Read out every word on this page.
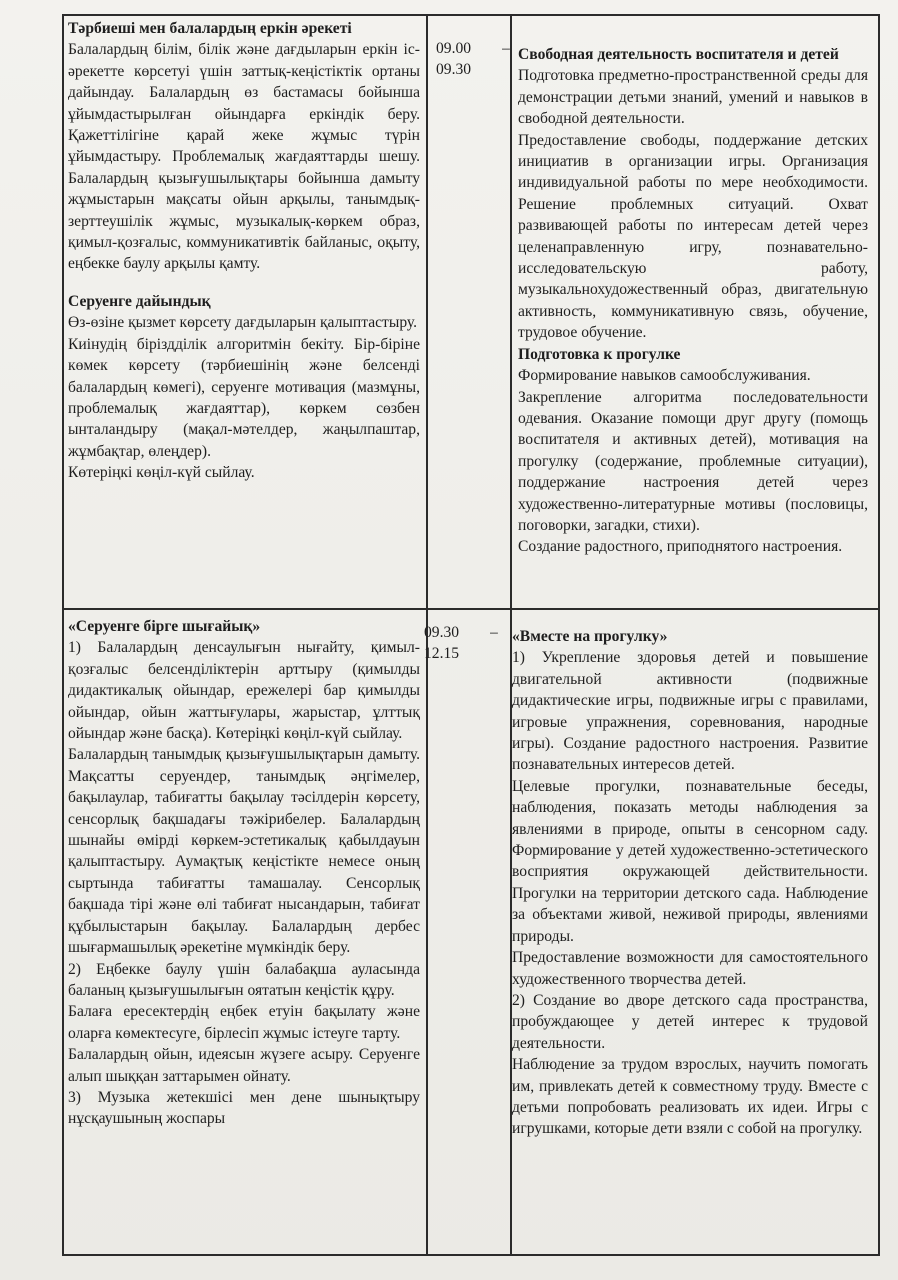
Тәрбиеші мен балалардың еркін әрекеті

Балалардың білім, білік және дағдыларын еркін іс-әрекетте көрсетуі үшін заттық-кеңістіктік ортаны дайындау. Балалардың өз бастамасы бойынша ұйымдастырылған ойындарға еркіндік беру. Қажеттілігіне қарай жеке жұмыс түрін ұйымдастыру. Проблемалық жағдаяттарды шешу. Балалардың қызығушылықтары бойынша дамыту жұмыстарын мақсаты ойын арқылы, танымдық-зерттеушілік жұмыс, музыкалық-көркем образ, қимыл-қозғалыс, коммуникативтік байланыс, оқыту, еңбекке баулу арқылы қамту.

Серуенге дайындық

Өз-өзіне қызмет көрсету дағдыларын қалыптастыру.

Киінудің біріздділік алгоритмін бекіту. Бір-біріне көмек көрсету (тәрбиешінің және белсенді балалардың көмегі), серуенге мотивация (мазмұны, проблемалық жағдаяттар), көркем сөзбен ынталандыру (мақал-мәтелдер, жаңылпаштар, жұмбақтар, өлеңдер).

Көтеріңкі көңіл-күй сыйлау.

09.00
09.30
– Свободная деятельность воспитателя и детей

Подготовка предметно-пространственной среды для демонстрации детьми знаний, умений и навыков в свободной деятельности.

Предоставление свободы, поддержание детских инициатив в организации игры. Организация индивидуальной работы по мере необходимости. Решение проблемных ситуаций. Охват развивающей работы по интересам детей через целенаправленную игру, познавательно-исследовательскую работу, музыкальнохудожественный образ, двигательную активность, коммуникативную связь, обучение, трудовое обучение.

Подготовка к прогулке

Формирование навыков самообслуживания.

Закрепление алгоритма последовательности одевания. Оказание помощи друг другу (помощь воспитателя и активных детей), мотивация на прогулку (содержание, проблемные ситуации), поддержание настроения детей через художественно-литературные мотивы (пословицы, поговорки, загадки, стихи).

Создание радостного, приподнятого настроения.

«Серуенге бірге шығайық»

1) Балалардың денсаулығын нығайту, қимыл-қозғалыс белсенділіктерін арттыру (қимылды дидактикалық ойындар, ережелері бар қимылды ойындар, ойын жаттығулары, жарыстар, ұлттық ойындар және басқа). Көтеріңкі көңіл-күй сыйлау.

Балалардың танымдық қызығушылықтарын дамыту. Мақсатты серуендер, танымдық әңгімелер, бақылаулар, табиғатты бақылау тәсілдерін көрсету, сенсорлық бақшадағы тәжірибелер. Балалардың шынайы өмірді көркем-эстетикалық қабылдауын қалыптастыру. Аумақтық кеңістікте немесе оның сыртында табиғатты тамашалау. Сенсорлық бақшада тірі және өлі табиғат нысандарын, табиғат құбылыстарын бақылау. Балалардың дербес шығармашылық әрекетіне мүмкіндік беру.

2) Еңбекке баулу үшін балабақша ауласында баланың қызығушылығын оятатын кеңістік құру.

Балаға ересектердің еңбек етуін бақылату және оларға көмектесуге, бірлесіп жұмыс істеуге тарту.

Балалардың ойын, идеясын жүзеге асыру. Серуенге алып шыққан заттарымен ойнату.

3) Музыка жетекшісі мен дене шынықтыру нұсқаушының жоспары

09.30
12.15
– «Вместе на прогулку»

1) Укрепление здоровья детей и повышение двигательной активности (подвижные дидактические игры, подвижные игры с правилами, игровые упражнения, соревнования, народные игры). Создание радостного настроения. Развитие познавательных интересов детей.

Целевые прогулки, познавательные беседы, наблюдения, показать методы наблюдения за явлениями в природе, опыты в сенсорном саду. Формирование у детей художественно-эстетического восприятия окружающей действительности. Прогулки на территории детского сада. Наблюдение за объектами живой, неживой природы, явлениями природы.

Предоставление возможности для самостоятельного художественного творчества детей.

2) Создание во дворе детского сада пространства, пробуждающее у детей интерес к трудовой деятельности.

Наблюдение за трудом взрослых, научить помогать им, привлекать детей к совместному труду. Вместе с детьми попробовать реализовать их идеи. Игры с игрушками, которые дети взяли с собой на прогулку.
